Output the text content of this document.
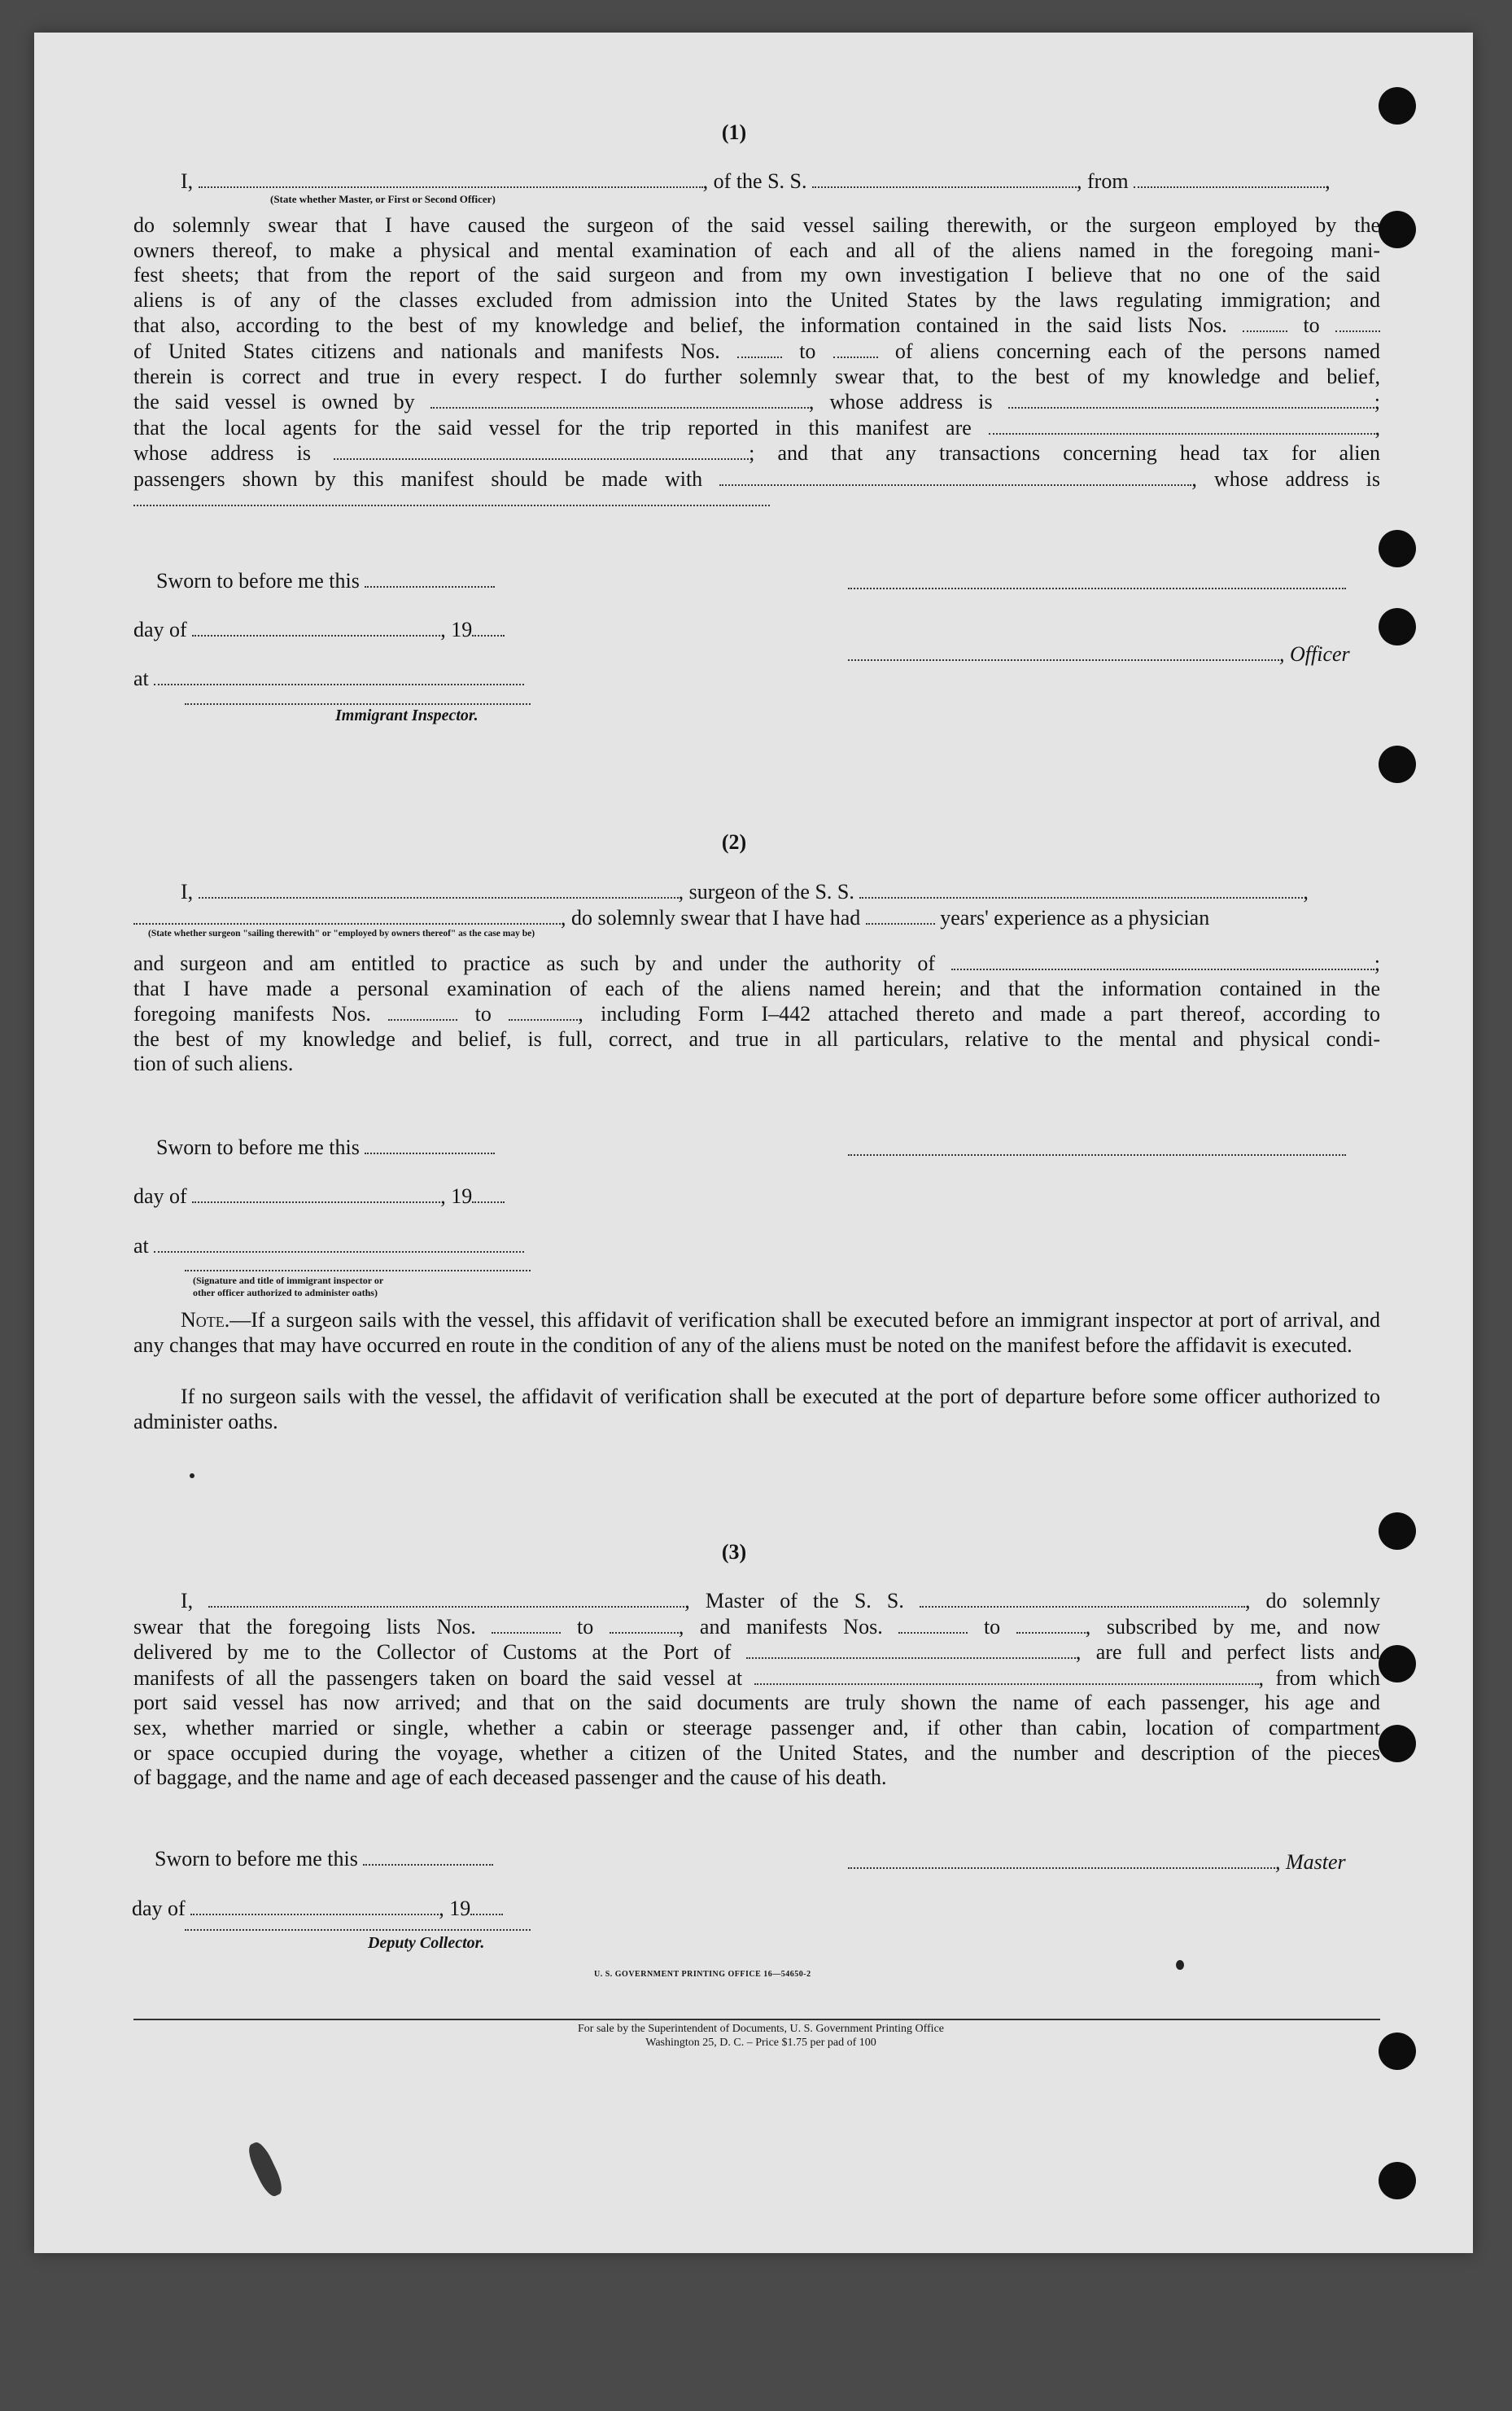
(1)
I,	, of the S. S.	, from	,
(State whether Master, or First or Second Officer)
do solemnly swear that I have caused the surgeon of the said vessel sailing therewith, or the surgeon employed by the
owners thereof, to make a physical and mental examination of each and all of the aliens named in the foregoing mani-
fest sheets; that from the report of the said surgeon and from my own investigation I believe that no one of the said
aliens is of any of the classes excluded from admission into the United States by the laws regulating immigration; and
that also, according to the best of my knowledge and belief, the information contained in the said lists Nos.	to
of United States citizens and nationals and manifests Nos.	to	of aliens concerning each of the persons named
therein is correct and true in every respect. I do further solemnly swear that, to the best of my knowledge and belief,
the said vessel is owned by	, whose address is	;
that the local agents for the said vessel for the trip reported in this manifest are	,
whose address is	; and that any transactions concerning head tax for alien
passengers shown by this manifest should be made with	, whose address is
Sworn to before me this
day of	, 19
, Officer
at
Immigrant Inspector.
(2)
I,	, surgeon of the S. S.	,
, do solemnly swear that I have had	years' experience as a physician
(State whether surgeon "sailing therewith" or "employed by owners thereof" as the case may be)
and surgeon and am entitled to practice as such by and under the authority of	;
that I have made a personal examination of each of the aliens named herein; and that the information contained in the
foregoing manifests Nos.	to	, including Form I–442 attached thereto and made a part thereof, according to
the best of my knowledge and belief, is full, correct, and true in all particulars, relative to the mental and physical condi-
tion of such aliens.
Sworn to before me this
day of	, 19
at
(Signature and title of immigrant inspector or
other officer authorized to administer oaths)
Note.—If a surgeon sails with the vessel, this affidavit of verification shall be executed before an immigrant inspector at port of arrival, and any changes that may have occurred en route in the condition of any of the aliens must be noted on the manifest before the affidavit is executed.
If no surgeon sails with the vessel, the affidavit of verification shall be executed at the port of departure before some officer authorized to administer oaths.
(3)
I,	, Master of the S. S.	, do solemnly
swear that the foregoing lists Nos.	to	, and manifests Nos.	to	, subscribed by me, and now
delivered by me to the Collector of Customs at the Port of	, are full and perfect lists and
manifests of all the passengers taken on board the said vessel at	, from which
port said vessel has now arrived; and that on the said documents are truly shown the name of each passenger, his age and
sex, whether married or single, whether a cabin or steerage passenger and, if other than cabin, location of compartment
or space occupied during the voyage, whether a citizen of the United States, and the number and description of the pieces
of baggage, and the name and age of each deceased passenger and the cause of his death.
Sworn to before me this	, Master
day of	, 19
Deputy Collector.
U. S. GOVERNMENT PRINTING OFFICE 16—54650-2
For sale by the Superintendent of Documents, U. S. Government Printing Office
Washington 25, D. C. – Price $1.75 per pad of 100
